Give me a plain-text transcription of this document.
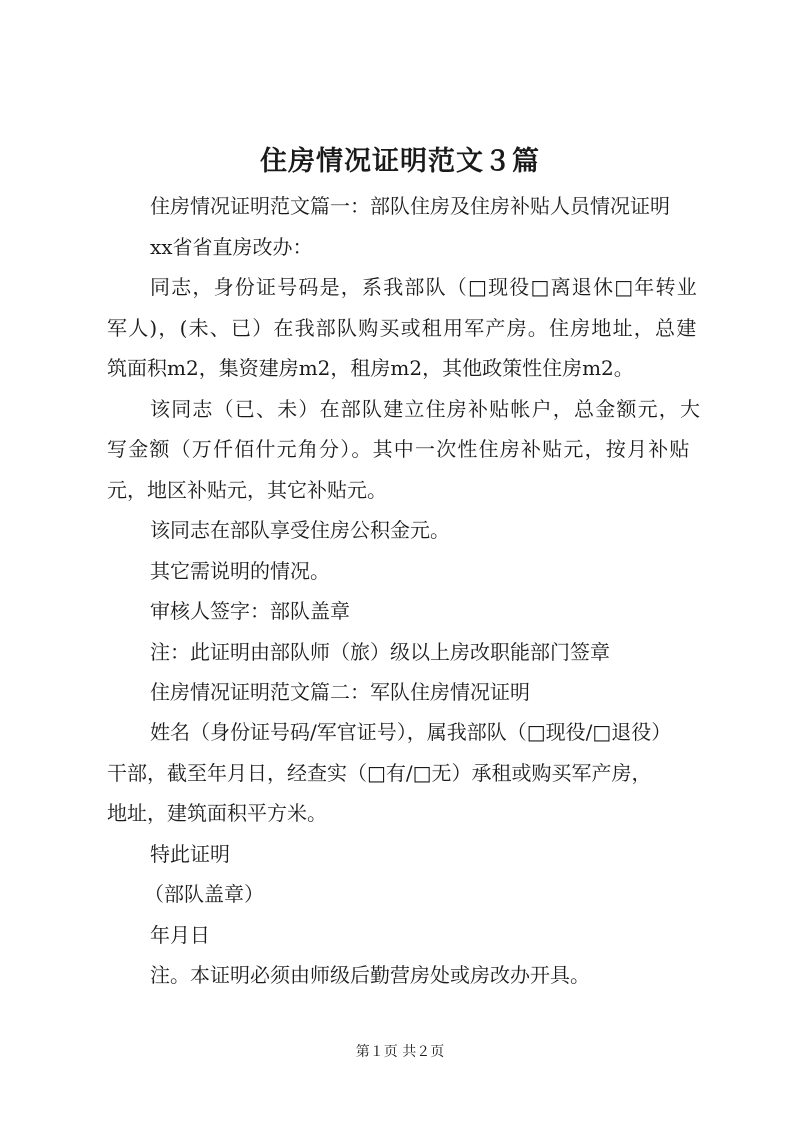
住房情况证明范文３篇

住房情况证明范文篇一：部队住房及住房补贴人员情况证明

xx省省直房改办：

同志，身份证号码是，系我部队（□现役□离退休□年转业

军人)，(未、已）在我部队购买或租用军产房。住房地址，总建

筑面积m2，集资建房m2，租房m2，其他政策性住房m2。

该同志（已、未）在部队建立住房补贴帐户，总金额元，大

写金额（万仟佰什元角分）。其中一次性住房补贴元，按月补贴

元，地区补贴元，其它补贴元。

该同志在部队享受住房公积金元。

其它需说明的情况。

审核人签字：部队盖章

注：此证明由部队师（旅）级以上房改职能部门签章

住房情况证明范文篇二：军队住房情况证明

姓名（身份证号码/军官证号），属我部队（□现役/□退役）

干部，截至年月日，经查实（□有/□无）承租或购买军产房，

地址，建筑面积平方米。

特此证明

（部队盖章）

年月日

注。本证明必须由师级后勤营房处或房改办开具。

第１页 共２页
